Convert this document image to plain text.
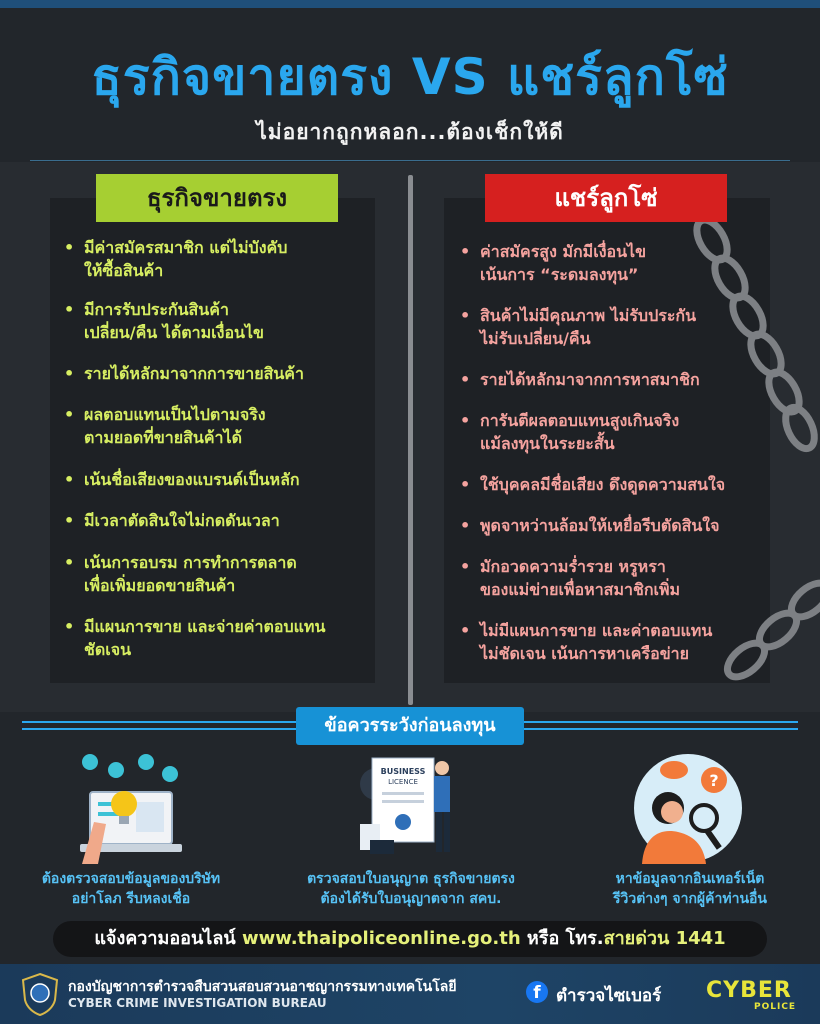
ธุรกิจขายตรง VS แชร์ลูกโซ่
ไม่อยากถูกหลอก...ต้องเช็กให้ดี
ธุรกิจขายตรง	แชร์ลูกโซ่
• มีค่าสมัครสมาชิก แต่ไม่บังคับ
ให้ซื้อสินค้า
• มีการรับประกันสินค้า
เปลี่ยน/คืน ได้ตามเงื่อนไข
• รายได้หลักมาจากการขายสินค้า
• ผลตอบแทนเป็นไปตามจริง
ตามยอดที่ขายสินค้าได้
• เน้นชื่อเสียงของแบรนด์เป็นหลัก
• มีเวลาตัดสินใจไม่กดดันเวลา
• เน้นการอบรม การทำการตลาด
เพื่อเพิ่มยอดขายสินค้า
• มีแผนการขาย และจ่ายค่าตอบแทน
ชัดเจน
• ค่าสมัครสูง มักมีเงื่อนไข
เน้นการ “ระดมลงทุน”
• สินค้าไม่มีคุณภาพ ไม่รับประกัน
ไม่รับเปลี่ยน/คืน
• รายได้หลักมาจากการหาสมาชิก
• การันตีผลตอบแทนสูงเกินจริง
แม้ลงทุนในระยะสั้น
• ใช้บุคคลมีชื่อเสียง ดึงดูดความสนใจ
• พูดจาหว่านล้อมให้เหยื่อรีบตัดสินใจ
• มักอวดความร่ำรวย หรูหรา
ของแม่ข่ายเพื่อหาสมาชิกเพิ่ม
• ไม่มีแผนการขาย และค่าตอบแทน
ไม่ชัดเจน เน้นการหาเครือข่าย
ข้อควรระวังก่อนลงทุน
BUSINESS
LICENCE	?
ต้องตรวจสอบข้อมูลของบริษัท
อย่าโลภ รีบหลงเชื่อ
ตรวจสอบใบอนุญาต ธุรกิจขายตรง
ต้องได้รับใบอนุญาตจาก สคบ.
หาข้อมูลจากอินเทอร์เน็ต
รีวิวต่างๆ จากผู้ค้าท่านอื่น
แจ้งความออนไลน์ www.thaipoliceonline.go.th หรือ โทร.สายด่วน 1441
กองบัญชาการตำรวจสืบสวนสอบสวนอาชญากรรมทางเทคโนโลยี
CYBER CRIME INVESTIGATION BUREAU	f ตำรวจไซเบอร์ CYBER
POLICE
